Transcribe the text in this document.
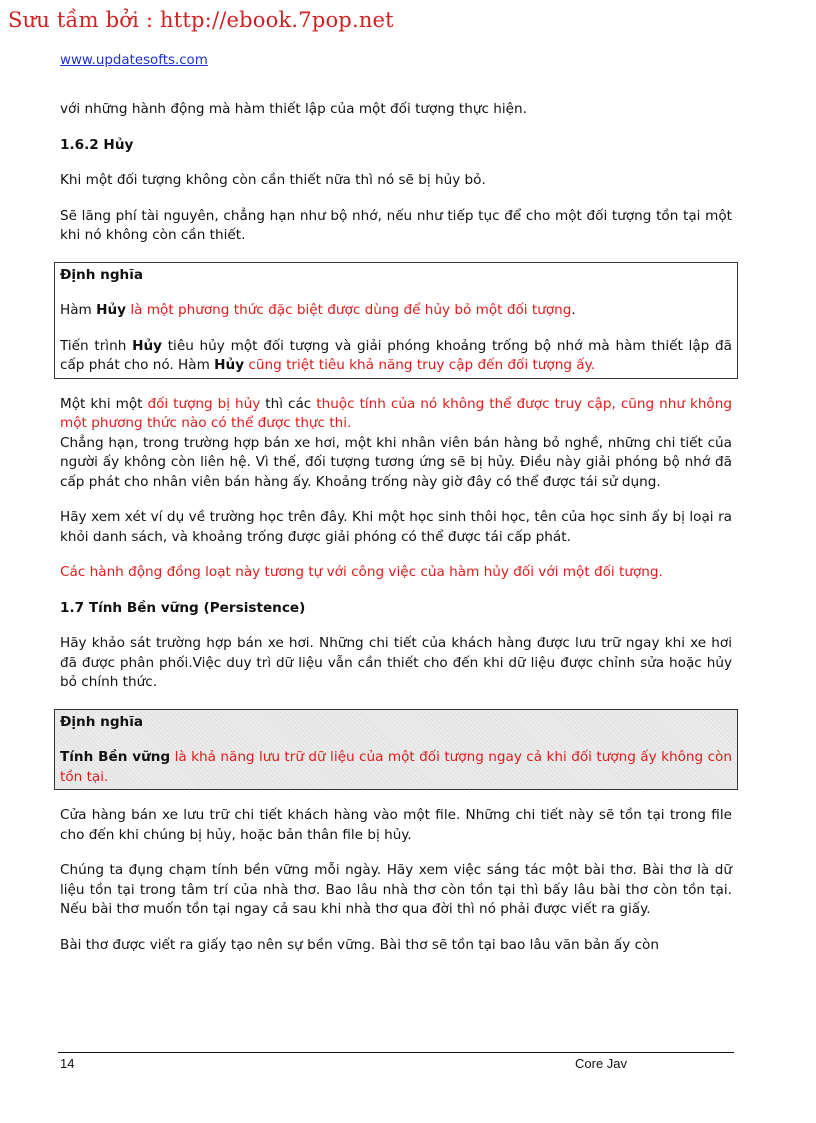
Sưu tầm bởi : http://ebook.7pop.net
www.updatesofts.com

với những hành động mà hàm thiết lập của một đối tượng thực hiện.

1.6.2 Hủy

Khi một đối tượng không còn cần thiết nữa thì nó sẽ bị hủy bỏ.

Sẽ lãng phí tài nguyên, chẳng hạn như bộ nhớ, nếu như tiếp tục để cho một đối tượng tồn tại một khi nó không còn cần thiết.

Định nghĩa

Hàm Hủy là một phương thức đặc biệt được dùng để hủy bỏ một đối tượng.

Tiến trình Hủy tiêu hủy một đối tượng và giải phóng khoảng trống bộ nhớ mà hàm thiết lập đã cấp phát cho nó. Hàm Hủy cũng triệt tiêu khả năng truy cập đến đối tượng ấy.

Một khi một đối tượng bị hủy thì các thuộc tính của nó không thể được truy cập, cũng như không một phương thức nào có thể được thực thi.

Chẳng hạn, trong trường hợp bán xe hơi, một khi nhân viên bán hàng bỏ nghề, những chi tiết của người ấy không còn liên hệ. Vì thế, đối tượng tương ứng sẽ bị hủy. Điều này giải phóng bộ nhớ đã cấp phát cho nhân viên bán hàng ấy. Khoảng trống này giờ đây có thể được tái sử dụng.

Hãy xem xét ví dụ về trường học trên đây. Khi một học sinh thôi học, tên của học sinh ấy bị loại ra khỏi danh sách, và khoảng trống được giải phóng có thể được tái cấp phát.

Các hành động đồng loạt này tương tự với công việc của hàm hủy đối với một đối tượng.

1.7 Tính Bền vững (Persistence)

Hãy khảo sát trường hợp bán xe hơi. Những chi tiết của khách hàng được lưu trữ ngay khi xe hơi đã được phân phối.Việc duy trì dữ liệu vẫn cần thiết cho đến khi dữ liệu được chỉnh sửa hoặc hủy bỏ chính thức.

Định nghĩa

Tính Bền vững là khả năng lưu trữ dữ liệu của một đối tượng ngay cả khi đối tượng ấy không còn tồn tại.

Cửa hàng bán xe lưu trữ chi tiết khách hàng vào một file. Những chi tiết này sẽ tồn tại trong file cho đến khi chúng bị hủy, hoặc bản thân file bị hủy.

Chúng ta đụng chạm tính bền vững mỗi ngày. Hãy xem việc sáng tác một bài thơ. Bài thơ là dữ liệu tồn tại trong tâm trí của nhà thơ. Bao lâu nhà thơ còn tồn tại thì bấy lâu bài thơ còn tồn tại. Nếu bài thơ muốn tồn tại ngay cả sau khi nhà thơ qua đời thì nó phải được viết ra giấy.

Bài thơ được viết ra giấy tạo nên sự bền vững. Bài thơ sẽ tồn tại bao lâu văn bản ấy còn

14	Core Jav
